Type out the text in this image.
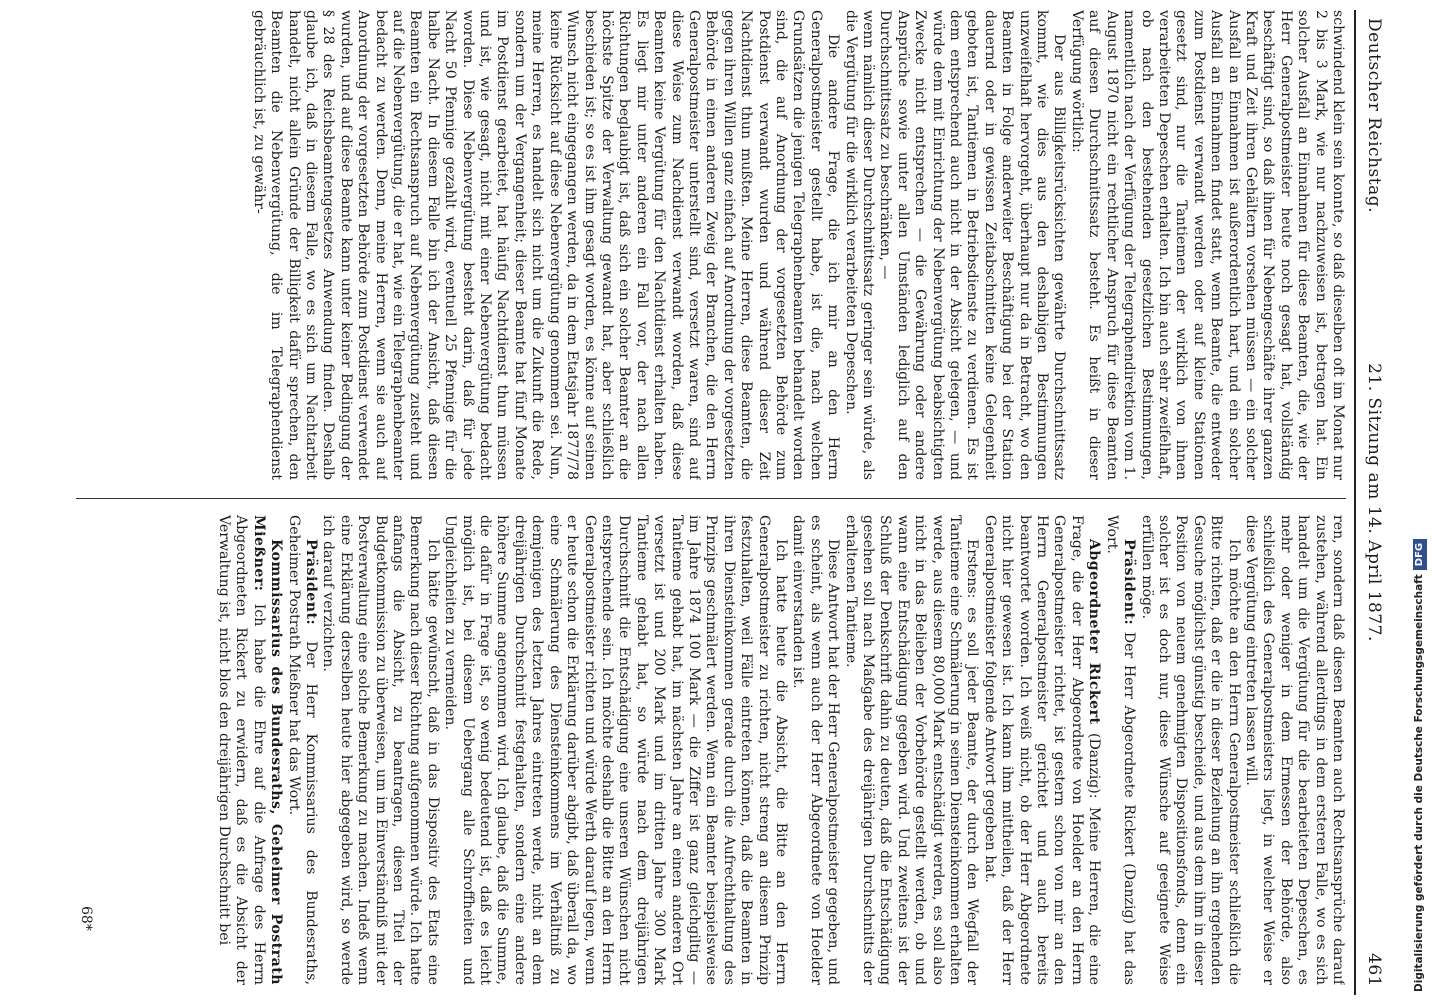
Deutscher Reichstag.
21. Sitzung am 14. April 1877.
461

schwindend klein sein konnte, so daß dieselben oft im Monat nur 2 bis 3 Mark, wie nur nachzuweisen ist, betragen hat. Ein solcher Ausfall an Einnahmen für diese Beamten, die, wie der Herr Generalpostmeister heute noch gesagt hat, vollständig beschäftigt sind, so daß ihnen für Nebengeschäfte ihrer ganzen Kraft und Zeit ihren Gehältern vorsehen müssen — ein solcher Ausfall an Einnahmen ist außerordentlich hart, und ein solcher Ausfall an Einnahmen findet statt, wenn Beamte, die entweder zum Postdienst verwandt werden oder auf kleine Stationen gesetzt sind, nur die Tantiemen der wirklich von ihnen verarbeiteten Depeschen erhalten. Ich bin auch sehr zweifelhaft, ob nach den bestehenden gesetzlichen Bestimmungen, namentlich nach der Verfügung der Telegraphendirektion vom 1. August 1870 nicht ein rechtlicher Anspruch für diese Beamten auf diesen Durchschnittssatz besteht. Es heißt in dieser Verfügung wörtlich:

Der aus Billigkeitsrücksichten gewährte Durchschnittssatz kommt, wie dies aus den deshalbigen Bestimmungen unzweifelhaft hervorgeht, überhaupt nur da in Betracht, wo den Beamten in Folge anderweiter Beschäftigung bei der Station dauernd oder in gewissen Zeitabschnitten keine Gelegenheit geboten ist, Tantiemen in Betriebsdienste zu verdienen. Es ist dem entsprechend auch nicht in der Absicht gelegen, — und würde dem mit Einrichtung der Nebenvergütung beabsichtigten Zwecke nicht entsprechen — die Gewährung oder andere Ansprüche sowie unter allen Umständen lediglich auf den Durchschnittssatz zu beschränken, —

wenn nämlich dieser Durchschnittssatz geringer sein würde, als die Vergütung für die wirklich verarbeiteten Depeschen.

Die andere Frage, die ich mir an den Herrn Generalpostmeister gestellt habe, ist die, nach welchen Grundsätzen die jenigen Telegraphenbeamten behandelt worden sind, die auf Anordnung der vorgesetzten Behörde zum Postdienst verwandt wurden und während dieser Zeit Nachtdienst thun mußten. Meine Herren, diese Beamten, die gegen ihren Willen ganz einfach auf Anordnung der vorgesetzten Behörde in einen anderen Zweig der Branchen, die den Herrn Generalpostmeister unterstellt sind, versetzt waren, sind auf diese Weise zum Nachdienst verwandt worden, daß diese Beamten keine Vergütung für den Nachtdienst erhalten haben. Es liegt mir unter anderen ein Fall vor, der nach allen Richtungen beglaubigt ist, daß sich ein solcher Beamter an die höchste Spitze der Verwaltung gewandt hat, aber schließlich beschieden ist; so es ist ihm gesagt worden, es könne auf seinen Wunsch nicht eingegangen werden, da in dem Etatsjahr 1877/78 keine Rücksicht auf diese Nebenvergütung genommen sei. Nun, meine Herren, es handelt sich nicht um die Zukunft die Rede, sondern um der Vergangenheit; dieser Beamte hat fünf Monate im Postdienst gearbeitet, hat häufig Nachtdienst thun müssen und ist, wie gesagt, nicht mit einer Nebenvergütung bedacht worden. Diese Nebenvergütung besteht darin, daß für jede Nacht 50 Pfennige gezahlt wird, eventuell 25 Pfennige für die halbe Nacht. In diesem Falle bin ich der Ansicht, daß diesen Beamten ein Rechtsanspruch auf Nebenvergütung zusteht und auf die Nebenvergütung, die er hat, wie ein Telegraphenbeamter bedacht zu werden. Denn, meine Herren, wenn sie auch auf Anordnung der vorgesetzten Behörde zum Postdienst verwendet wurden, und auf diese Beamte kann unter keiner Bedingung der § 28 des Reichsbeamtengesetzes Anwendung finden. Deshalb glaube ich, daß in diesem Falle, wo es sich um Nachtarbeit handelt, nicht allein Gründe der Billigkeit dafür sprechen, den Beamten die Nebenvergütung, die im Telegraphendienst gebräuchlich ist, zu gewähr-

ren, sondern daß diesen Beamten auch Rechtsansprüche darauf zustehen, während allerdings in dem ersteren Falle, wo es sich handelt um die Vergütung für die bearbeiteten Depeschen, es mehr oder weniger in dem Ermessen der Behörde, also schließlich des Generalpostmeisters liegt, in welcher Weise er diese Vergütung eintreten lassen will.

Ich möchte an den Herrn Generalpostmeister schließlich die Bitte richten, daß er die in dieser Beziehung an ihn ergehenden Gesuche möglichst günstig bescheide, und aus dem ihm in dieser Position von neuem genehmigten Dispositionsfonds, denn ein solcher ist es doch nur, diese Wünsche auf geeignete Weise erfüllen möge.

Präsident: Der Herr Abgeordnete Rickert (Danzig) hat das Wort.

Abgeordneter Rickert (Danzig): Meine Herren, die eine Frage, die der Herr Abgeordnete von Hoelder an den Herrn Generalpostmeister richtet, ist gestern schon von mir an den Herrn Generalpostmeister gerichtet und auch bereits beantwortet worden. Ich weiß nicht, ob der Herr Abgeordnete nicht hier gewesen ist. Ich kann ihm mittheilen, daß der Herr Generalpostmeister folgende Antwort gegeben hat.

Erstens: es soll jeder Beamte, der durch den Wegfall der Tantieme eine Schmälerung in seinen Diensteinkommen erhalten werde, aus diesem 80,000 Mark entschädigt werden, es soll also nicht in das Belieben der Vorbehörde gestellt werden, ob und wann eine Entschädigung gegeben wird. Und zweitens ist der Schluß der Denkschrift dahin zu deuten, daß die Entschädigung gesehen soll nach Maßgabe des dreijährigen Durchschnitts der erhaltenen Tantieme.

Diese Antwort hat der Herr Generalpostmeister gegeben, und es scheint, als wenn auch der Herr Abgeordnete von Hoelder damit einverstanden ist.

Ich hatte heute die Absicht, die Bitte an den Herrn Generalpostmeister zu richten, nicht streng an diesem Prinzip festzuhalten, weil Fälle eintreten können, daß die Beamten in ihren Diensteinkommen gerade durch die Aufrechthaltung des Prinzips geschmälert werden. Wenn ein Beamter beispielsweise im Jahre 1874 100 Mark — die Ziffer ist ganz gleichgiltig — Tantieme gehabt hat, im nächsten Jahre an einen anderen Ort versetzt ist und 200 Mark und im dritten Jahre 300 Mark Tantieme gehabt hat, so würde nach dem dreijährigen Durchschnitt die Entschädigung eine unseren Wünschen nicht entsprechende sein. Ich möchte deshalb die Bitte an den Herrn Generalpostmeister richten und würde Werth darauf legen, wenn er heute schon die Erklärung darüber abgibt, daß überall da, wo eine Schmälerung des Diensteinkommens im Verhältniß zu demjenigen des letzten Jahres eintreten werde, nicht an dem dreijährigen Durchschnitt festgehalten, sondern eine andere höhere Summe angenommen wird. Ich glaube, daß die Summe, die dafür in Frage ist, so wenig bedeutend ist, daß es leicht möglich ist, bei diesem Uebergang alle Schroffheiten und Ungleichheiten zu vermeiden.

Ich hätte gewünscht, daß in das Dispositiv des Etats eine Bemerkung nach dieser Richtung aufgenommen würde. Ich hatte anfangs die Absicht, zu beantragen, diesen Titel der Budgetkommission zu überweisen, um im Einverständniß mit der Postverwaltung eine solche Bemerkung zu machen. Indeß wenn eine Erklärung derselben heute hier abgegeben wird, so werde ich darauf verzichten.

Präsident: Der Herr Kommissarius des Bundesraths, Geheimer Postrath Mießner hat das Wort.

Kommissarius des Bundesraths, Geheimer Postrath Mießner: Ich habe die Ehre auf die Anfrage des Herrn Abgeordneten Rickert zu erwidern, daß es die Absicht der Verwaltung ist, nicht blos den dreijährigen Durchschnitt bei

68*	Digitalisierung gefördert durch die Deutsche ForschungsgemeinschaftDFG
